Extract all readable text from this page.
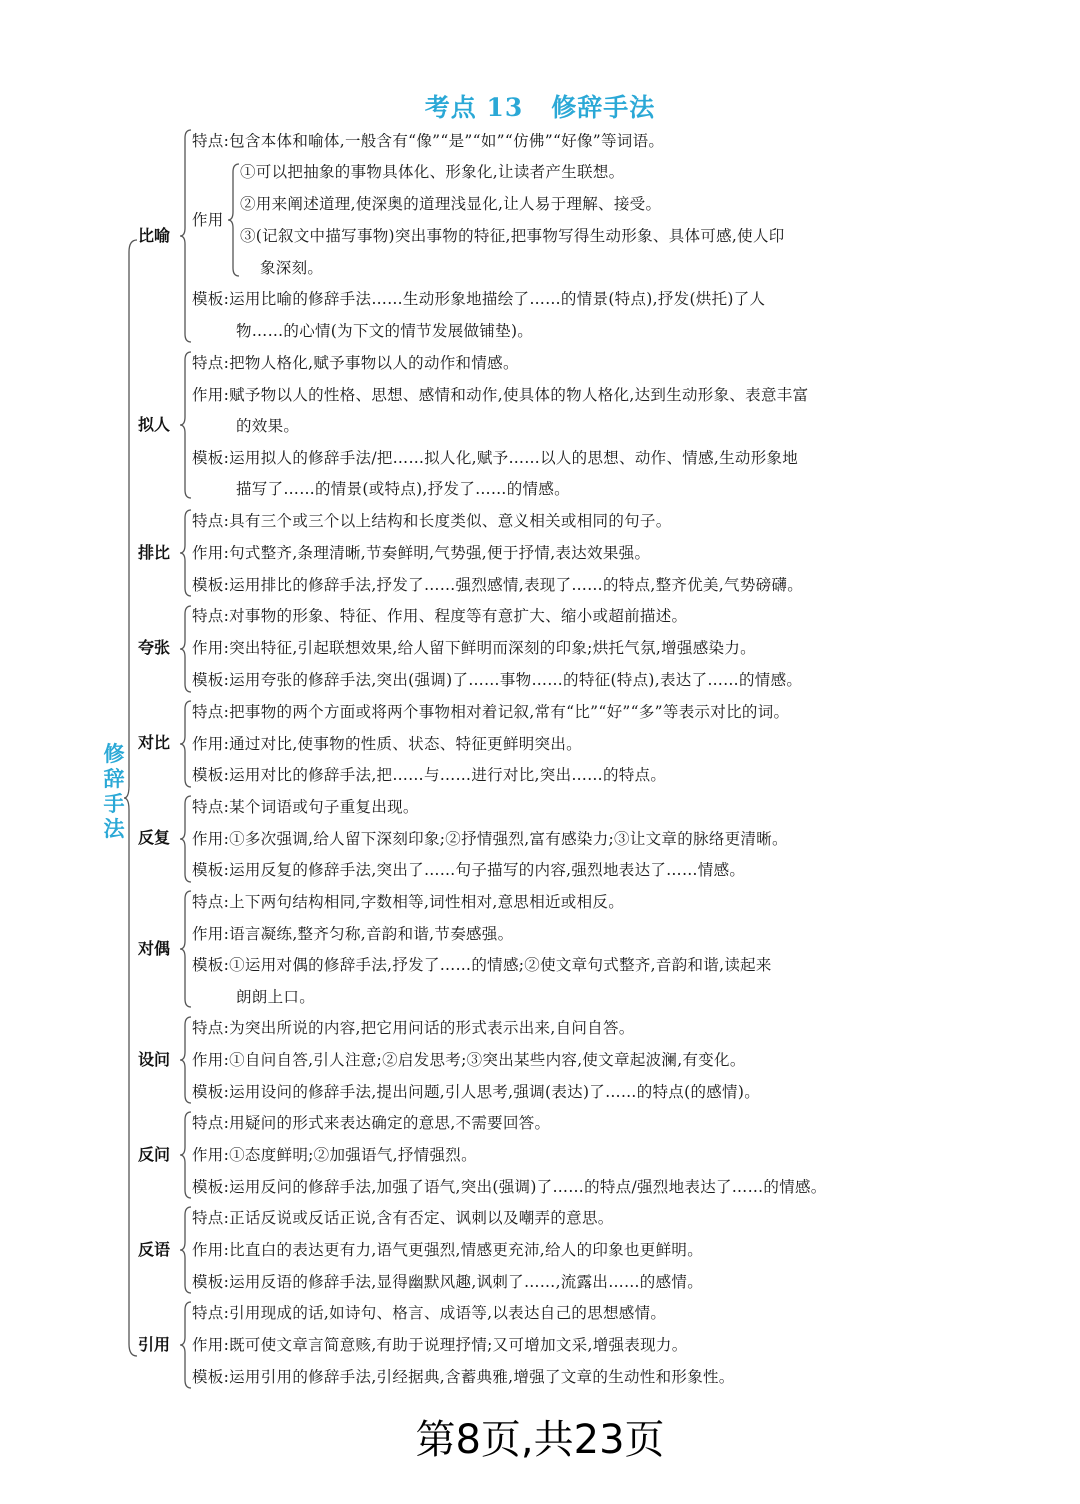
考点 13 修辞手法
修
辞
手
法
比喻
特点:包含本体和喻体,一般含有“像”“是”“如”“仿佛”“好像”等词语。
作用
①可以把抽象的事物具体化、形象化,让读者产生联想。
②用来阐述道理,使深奥的道理浅显化,让人易于理解、接受。
③(记叙文中描写事物)突出事物的特征,把事物写得生动形象、具体可感,使人印
象深刻。
模板:运用比喻的修辞手法……生动形象地描绘了……的情景(特点),抒发(烘托)了人
物……的心情(为下文的情节发展做铺垫)。
拟人
特点:把物人格化,赋予事物以人的动作和情感。
作用:赋予物以人的性格、思想、感情和动作,使具体的物人格化,达到生动形象、表意丰富
的效果。
模板:运用拟人的修辞手法/把……拟人化,赋予……以人的思想、动作、情感,生动形象地
描写了……的情景(或特点),抒发了……的情感。
排比
特点:具有三个或三个以上结构和长度类似、意义相关或相同的句子。
作用:句式整齐,条理清晰,节奏鲜明,气势强,便于抒情,表达效果强。
模板:运用排比的修辞手法,抒发了……强烈感情,表现了……的特点,整齐优美,气势磅礴。
夸张
特点:对事物的形象、特征、作用、程度等有意扩大、缩小或超前描述。
作用:突出特征,引起联想效果,给人留下鲜明而深刻的印象;烘托气氛,增强感染力。
模板:运用夸张的修辞手法,突出(强调)了……事物……的特征(特点),表达了……的情感。
对比
特点:把事物的两个方面或将两个事物相对着记叙,常有“比”“好”“多”等表示对比的词。
作用:通过对比,使事物的性质、状态、特征更鲜明突出。
模板:运用对比的修辞手法,把……与……进行对比,突出……的特点。
反复
特点:某个词语或句子重复出现。
作用:①多次强调,给人留下深刻印象;②抒情强烈,富有感染力;③让文章的脉络更清晰。
模板:运用反复的修辞手法,突出了……句子描写的内容,强烈地表达了……情感。
对偶
特点:上下两句结构相同,字数相等,词性相对,意思相近或相反。
作用:语言凝练,整齐匀称,音韵和谐,节奏感强。
模板:①运用对偶的修辞手法,抒发了……的情感;②使文章句式整齐,音韵和谐,读起来
朗朗上口。
设问
特点:为突出所说的内容,把它用问话的形式表示出来,自问自答。
作用:①自问自答,引人注意;②启发思考;③突出某些内容,使文章起波澜,有变化。
模板:运用设问的修辞手法,提出问题,引人思考,强调(表达)了……的特点(的感情)。
反问
特点:用疑问的形式来表达确定的意思,不需要回答。
作用:①态度鲜明;②加强语气,抒情强烈。
模板:运用反问的修辞手法,加强了语气,突出(强调)了……的特点/强烈地表达了……的情感。
反语
特点:正话反说或反话正说,含有否定、讽刺以及嘲弄的意思。
作用:比直白的表达更有力,语气更强烈,情感更充沛,给人的印象也更鲜明。
模板:运用反语的修辞手法,显得幽默风趣,讽刺了……,流露出……的感情。
引用
特点:引用现成的话,如诗句、格言、成语等,以表达自己的思想感情。
作用:既可使文章言简意赅,有助于说理抒情;又可增加文采,增强表现力。
模板:运用引用的修辞手法,引经据典,含蓄典雅,增强了文章的生动性和形象性。
第8页,共23页
